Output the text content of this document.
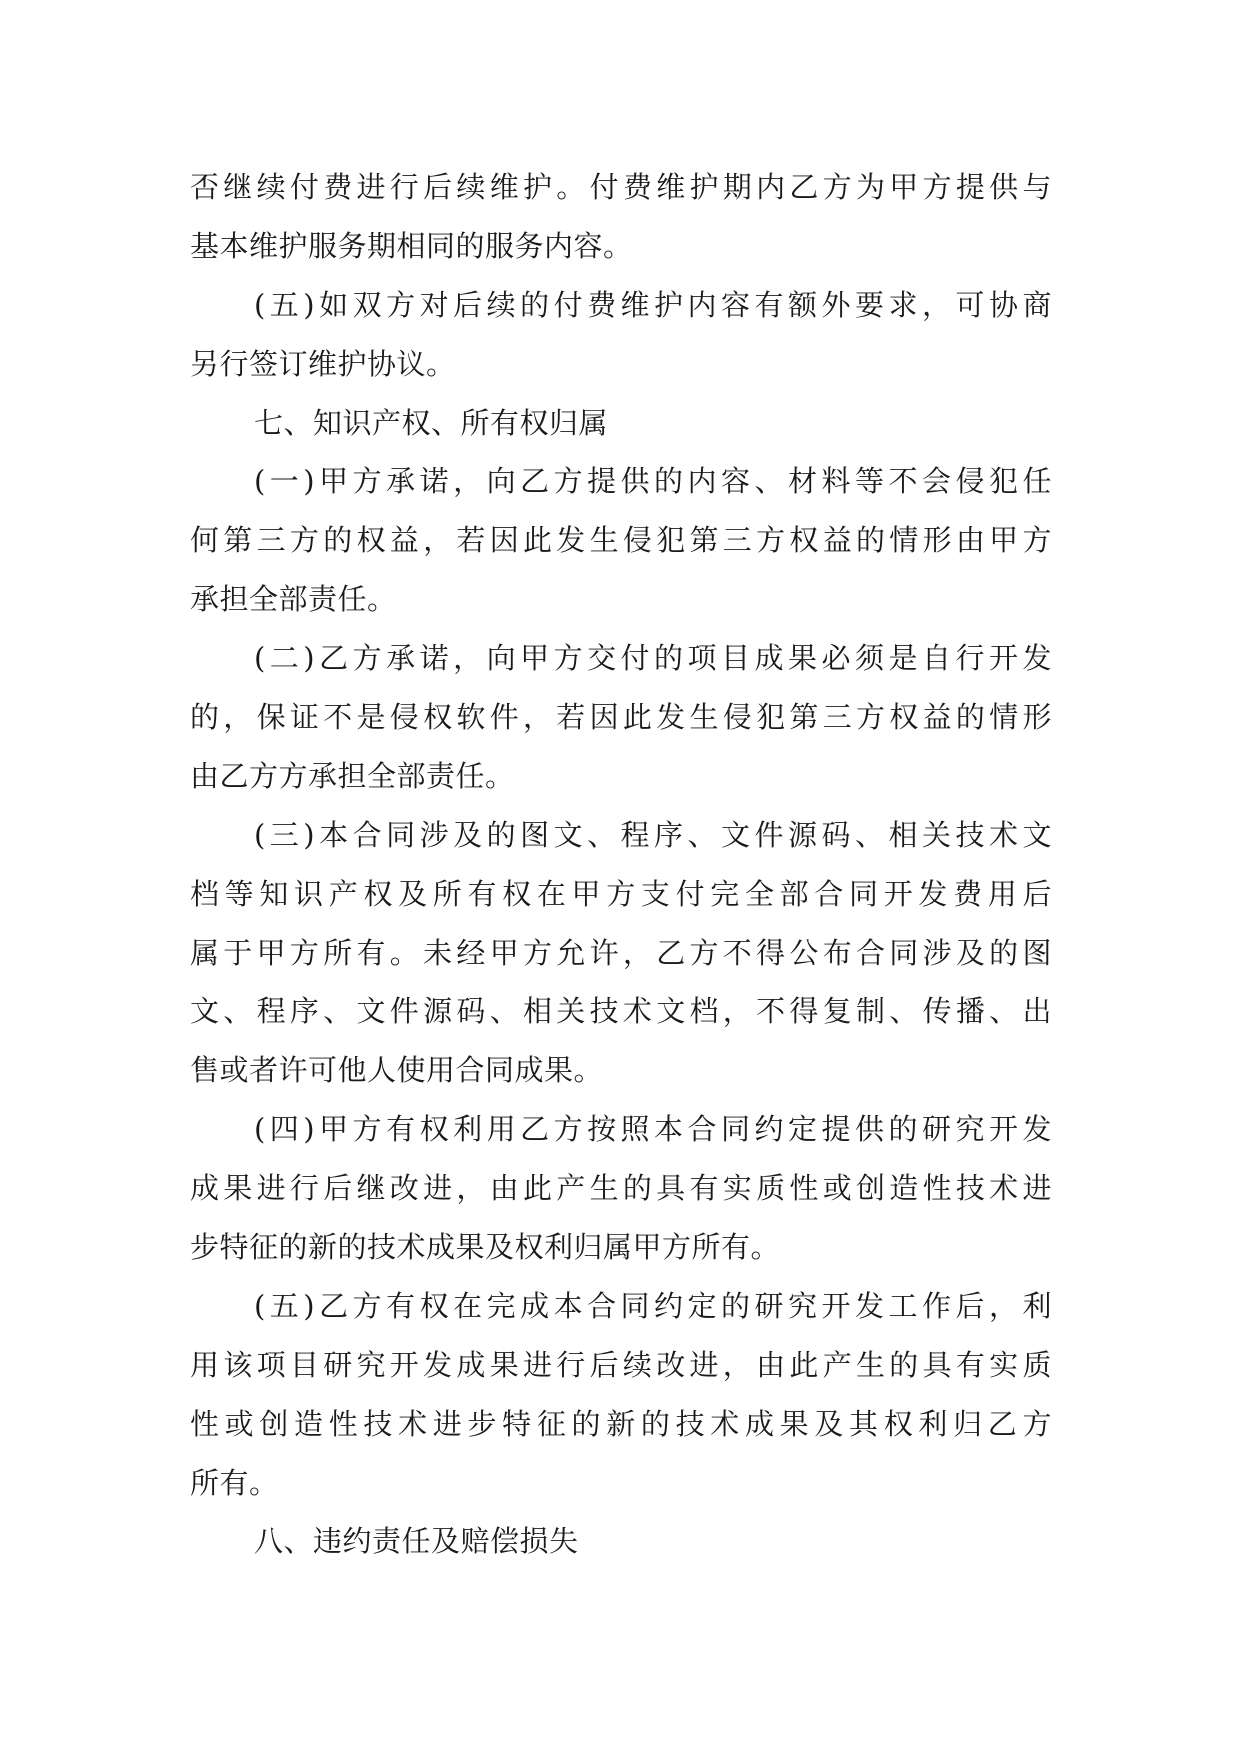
否继续付费进行后续维护。付费维护期内乙方为甲方提供与
基本维护服务期相同的服务内容。
(五)如双方对后续的付费维护内容有额外要求，可协商
另行签订维护协议。
七、知识产权、所有权归属
(一)甲方承诺，向乙方提供的内容、材料等不会侵犯任
何第三方的权益，若因此发生侵犯第三方权益的情形由甲方
承担全部责任。
(二)乙方承诺，向甲方交付的项目成果必须是自行开发
的，保证不是侵权软件，若因此发生侵犯第三方权益的情形
由乙方方承担全部责任。
(三)本合同涉及的图文、程序、文件源码、相关技术文
档等知识产权及所有权在甲方支付完全部合同开发费用后
属于甲方所有。未经甲方允许，乙方不得公布合同涉及的图
文、程序、文件源码、相关技术文档，不得复制、传播、出
售或者许可他人使用合同成果。
(四)甲方有权利用乙方按照本合同约定提供的研究开发
成果进行后继改进，由此产生的具有实质性或创造性技术进
步特征的新的技术成果及权利归属甲方所有。
(五)乙方有权在完成本合同约定的研究开发工作后，利
用该项目研究开发成果进行后续改进，由此产生的具有实质
性或创造性技术进步特征的新的技术成果及其权利归乙方
所有。
八、违约责任及赔偿损失
